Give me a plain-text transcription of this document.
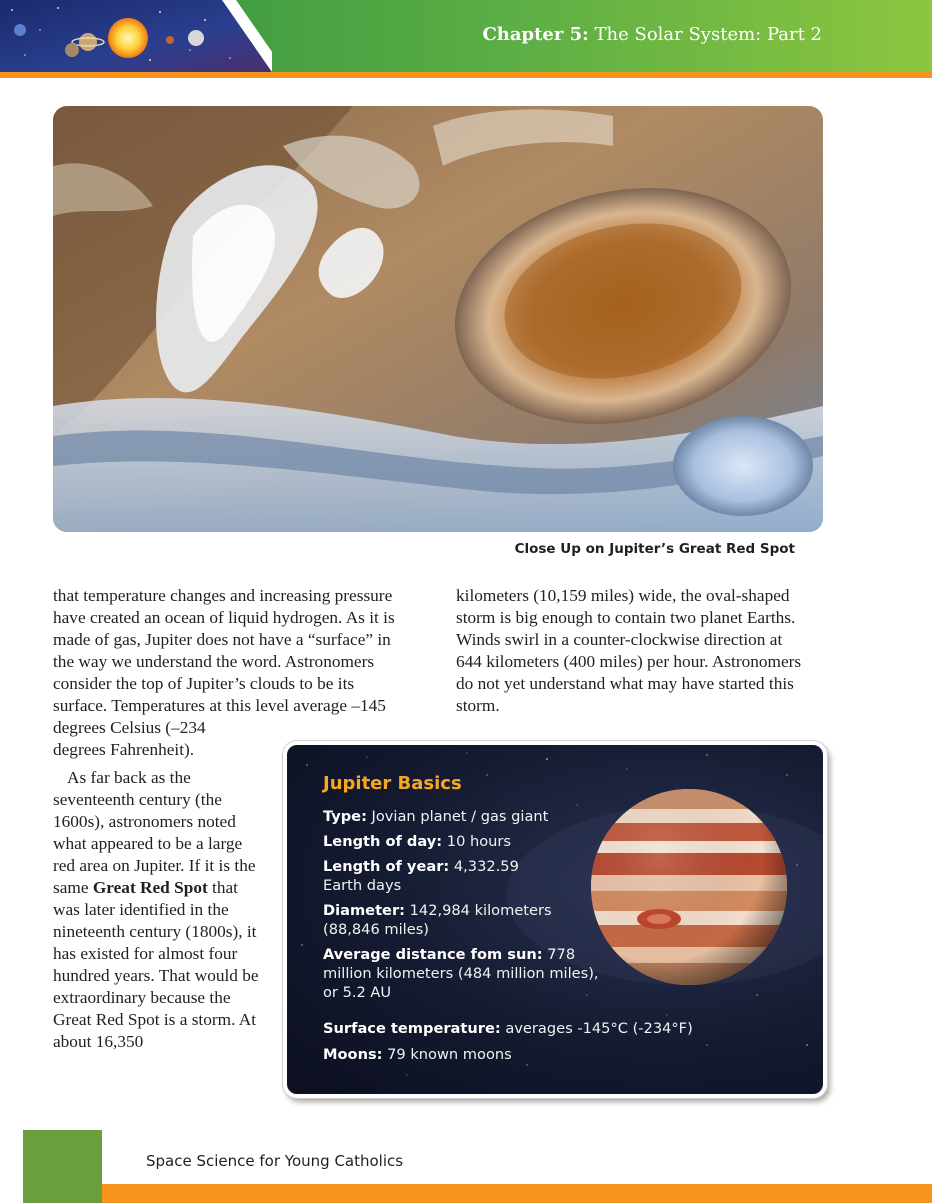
Chapter 5: The Solar System: Part 2
Close Up on Jupiter’s Great Red Spot
that temperature changes and increasing pressure
have created an ocean of liquid hydrogen. As it is
made of gas, Jupiter does not have a “surface” in
the way we understand the word. Astronomers
consider the top of Jupiter’s clouds to be its
surface. Temperatures at this level average –145
degrees Celsius (–234
degrees Fahrenheit).

As far back as the seventeenth century (the 1600s), astronomers noted what appeared to be a large red area on Jupiter. If it is the same Great Red Spot that was later identified in the nineteenth century (1800s), it has existed for almost four hundred years. That would be extraordinary because the Great Red Spot is a storm. At about 16,350

kilometers (10,159 miles) wide, the oval-shaped
storm is big enough to contain two planet Earths.
Winds swirl in a counter-clockwise direction at
644 kilometers (400 miles) per hour. Astronomers
do not yet understand what may have started this
storm.
Jupiter Basics

Type: Jovian planet / gas giant

Length of day: 10 hours

Length of year: 4,332.59 Earth days

Diameter: 142,984 kilometers (88,846 miles)

Average distance fom sun: 778 million kilometers (484 million miles), or 5.2 AU

Surface temperature: averages -145°C (-234°F)

Moons: 79 known moons

Space Science for Young Catholics
